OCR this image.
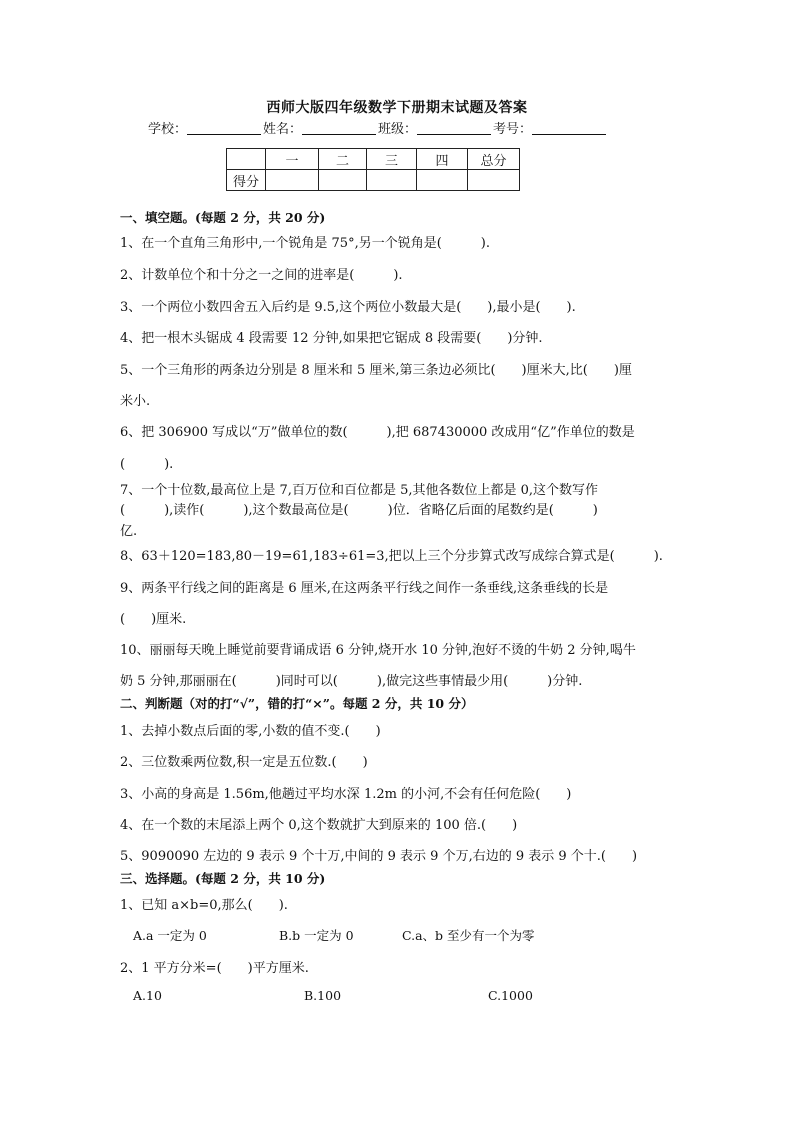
西师大版四年级数学下册期末试题及答案
学校：	姓名：	班级：	考号：
	一	二	三	四	总分
得分					
一、填空题。(每题 2 分，共 20 分)
1、在一个直角三角形中,一个锐角是 75°,另一个锐角是(　　　).
2、计数单位个和十分之一之间的进率是(　　　).
3、一个两位小数四舍五入后约是 9.5,这个两位小数最大是(　　),最小是(　　).
4、把一根木头锯成 4 段需要 12 分钟,如果把它锯成 8 段需要(　　)分钟.
5、一个三角形的两条边分别是 8 厘米和 5 厘米,第三条边必须比(　　)厘米大,比(　　)厘
米小.
6、把 306900 写成以“万”做单位的数(　　　),把 687430000 改成用“亿”作单位的数是
(　　　).
7、一个十位数,最高位上是 7,百万位和百位都是 5,其他各数位上都是 0,这个数写作
(　　　),读作(　　　),这个数最高位是(　　　)位．省略亿后面的尾数约是(　　　)
亿.
8、63＋120=183,80－19=61,183÷61=3,把以上三个分步算式改写成综合算式是(　　　).
9、两条平行线之间的距离是 6 厘米,在这两条平行线之间作一条垂线,这条垂线的长是
(　　)厘米.
10、丽丽每天晚上睡觉前要背诵成语 6 分钟,烧开水 10 分钟,泡好不烫的牛奶 2 分钟,喝牛
奶 5 分钟,那丽丽在(　　　)同时可以(　　　),做完这些事情最少用(　　　)分钟.
二、判断题（对的打“√”，错的打“×”。每题 2 分，共 10 分）
1、去掉小数点后面的零,小数的值不变.(　　)
2、三位数乘两位数,积一定是五位数.(　　)
3、小高的身高是 1.56m,他趟过平均水深 1.2m 的小河,不会有任何危险(　　)
4、在一个数的末尾添上两个 0,这个数就扩大到原来的 100 倍.(　　)
5、9090090 左边的 9 表示 9 个十万,中间的 9 表示 9 个万,右边的 9 表示 9 个十.(　　)
三、选择题。(每题 2 分，共 10 分)
1、已知 a×b=0,那么(　　).
A.a 一定为 0	B.b 一定为 0	C.a、b 至少有一个为零
2、1 平方分米=(　　)平方厘米.
A.10	B.100	C.1000
